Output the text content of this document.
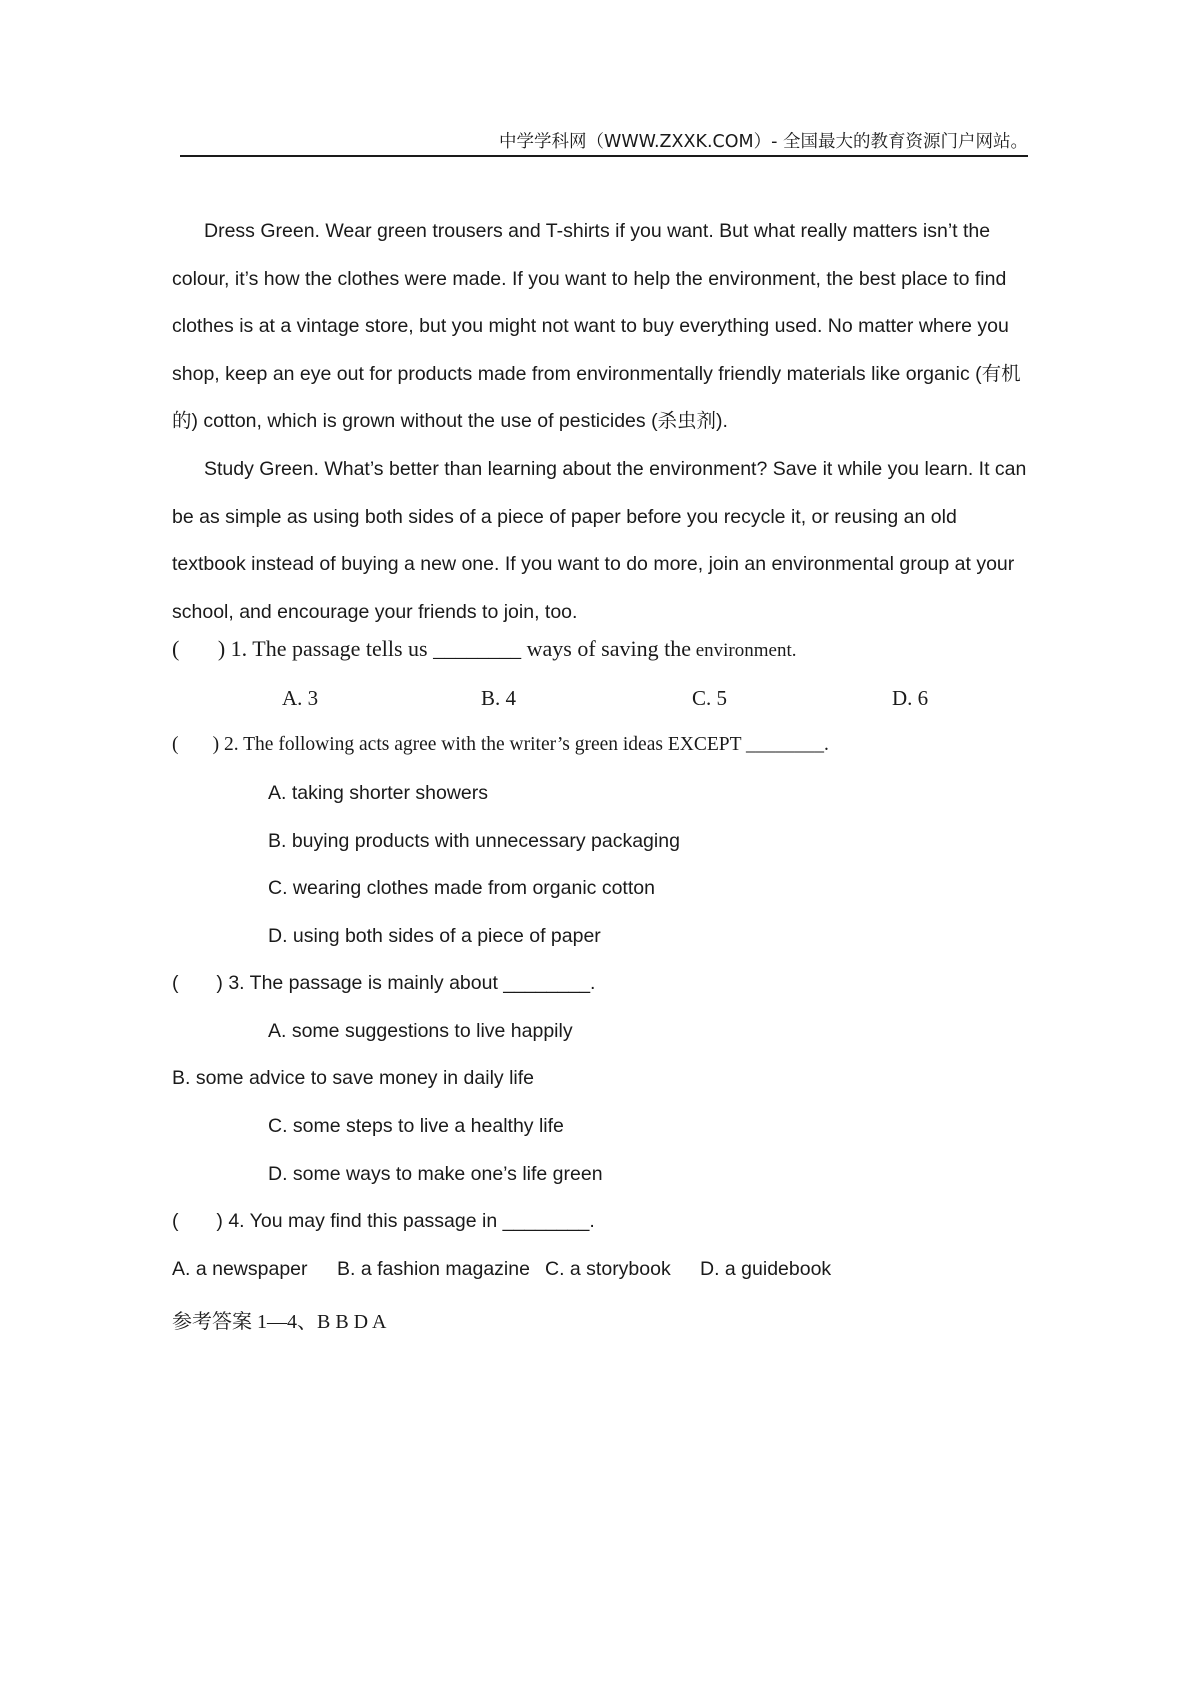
中学学科网（WWW.ZXXK.COM）- 全国最大的教育资源门户网站。

Dress Green. Wear green trousers and T-shirts if you want. But what really matters isn’t the colour, it’s how the clothes were made. If you want to help the environment, the best place to find clothes is at a vintage store, but you might not want to buy everything used. No matter where you shop, keep an eye out for products made from environmentally friendly materials like organic (有机的) cotton, which is grown without the use of pesticides (杀虫剂).

Study Green. What’s better than learning about the environment? Save it while you learn. It can be as simple as using both sides of a piece of paper before you recycle it, or reusing an old textbook instead of buying a new one. If you want to do more, join an environmental group at your school, and encourage your friends to join, too.

(       ) 1. The passage tells us ________ ways of saving the environment.
A. 3	B. 4	C. 5	D. 6
(       ) 2. The following acts agree with the writer’s green ideas EXCEPT ________.
A. taking shorter showers
B. buying products with unnecessary packaging
C. wearing clothes made from organic cotton
D. using both sides of a piece of paper
(       ) 3. The passage is mainly about ________.
A. some suggestions to live happily
B. some advice to save money in daily life
C. some steps to live a healthy life
D. some ways to make one’s life green
(       ) 4. You may find this passage in ________.
A. a newspaper B. a fashion magazine C. a storybook D. a guidebook
参考答案 1—4、B B D A
